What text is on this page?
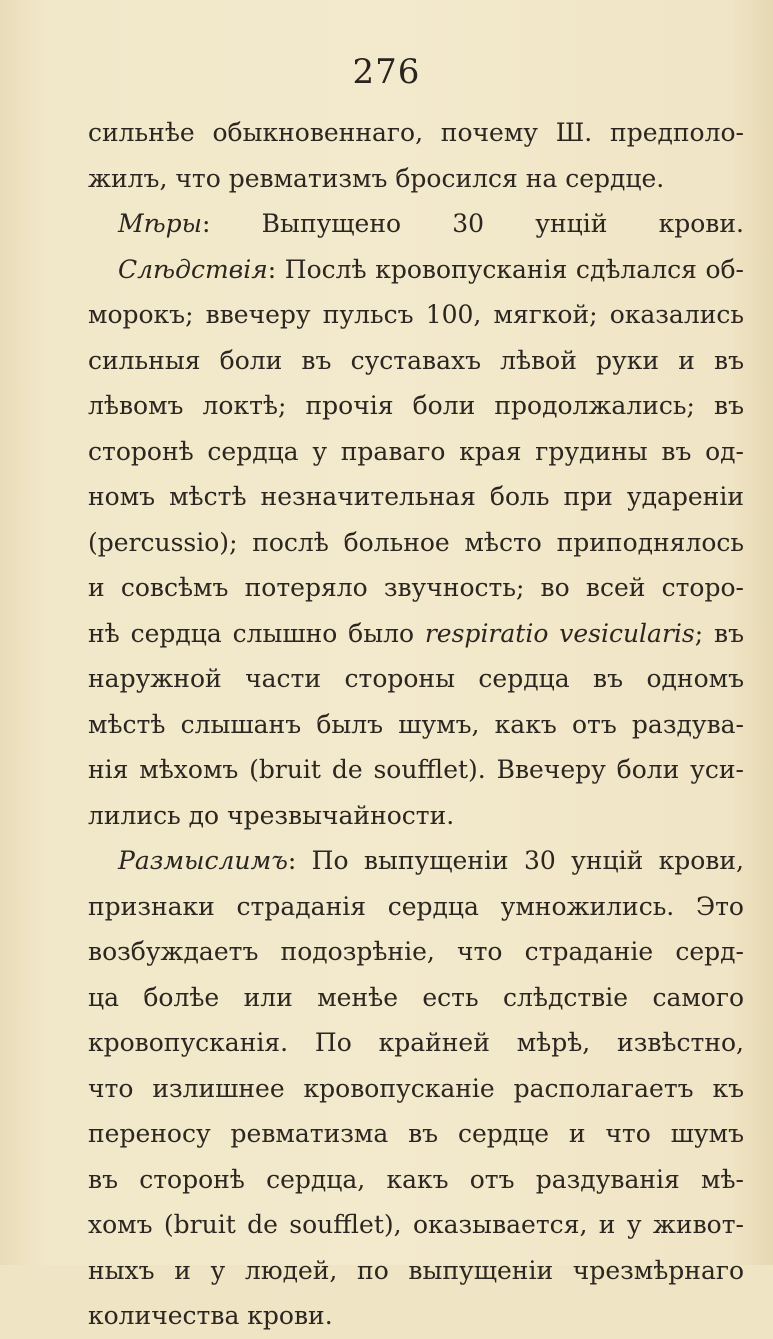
276
сильнѣе обыкновеннаго, почему Ш. предполо-
жилъ, что ревматизмъ бросился на сердце.
Мѣры: Выпущено 30 унцій крови.
Слѣдствія: Послѣ кровопусканія сдѣлался об-
морокъ; ввечеру пульсъ 100, мягкой; оказались
сильныя боли въ суставахъ лѣвой руки и въ
лѣвомъ локтѣ; прочія боли продолжались; въ
сторонѣ сердца у праваго края грудины въ од-
номъ мѣстѣ незначительная боль при удареніи
(percussio); послѣ больное мѣсто приподнялось
и совсѣмъ потеряло звучность; во всей сторо-
нѣ сердца слышно было respiratio vesicularis; въ
наружной части стороны сердца въ одномъ
мѣстѣ слышанъ былъ шумъ, какъ отъ раздува-
нія мѣхомъ (bruit de soufflet). Ввечеру боли уси-
лились до чрезвычайности.
Размыслимъ: По выпущеніи 30 унцій крови,
признаки страданія сердца умножились. Это
возбуждаетъ подозрѣніе, что страданіе серд-
ца болѣе или менѣе есть слѣдствіе самого
кровопусканія. По крайней мѣрѣ, извѣстно,
что излишнее кровопусканіе располагаетъ къ
переносу ревматизма въ сердце и что шумъ
въ сторонѣ сердца, какъ отъ раздуванія мѣ-
хомъ (bruit de soufflet), оказывается, и у живот-
ныхъ и у людей, по выпущеніи чрезмѣрнаго
количества крови.
